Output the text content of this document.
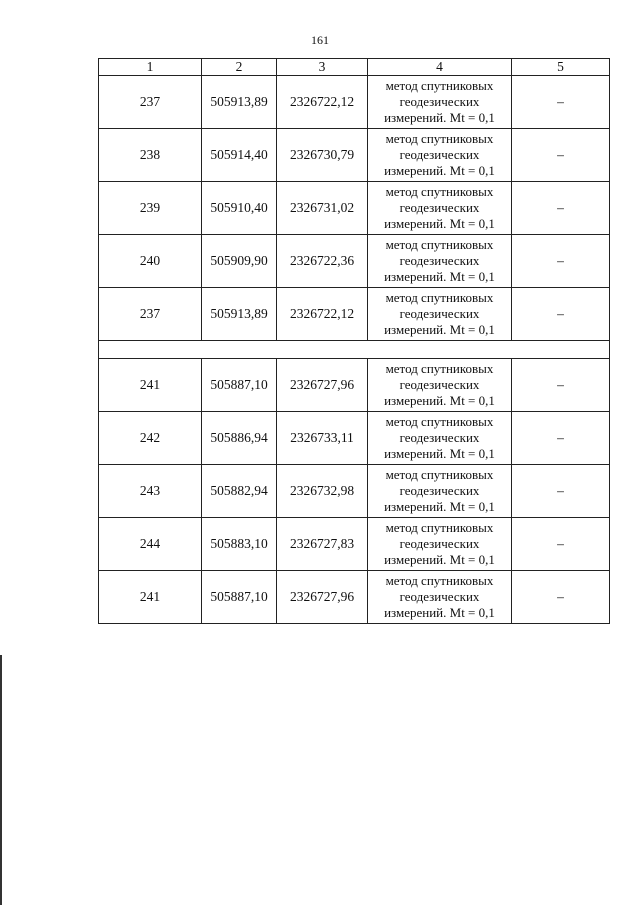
161
1	2	3	4	5
237	505913,89	2326722,12	метод спутниковых
геодезических
измерений. Mt = 0,1	–
238	505914,40	2326730,79	метод спутниковых
геодезических
измерений. Mt = 0,1	–
239	505910,40	2326731,02	метод спутниковых
геодезических
измерений. Mt = 0,1	–
240	505909,90	2326722,36	метод спутниковых
геодезических
измерений. Mt = 0,1	–
237	505913,89	2326722,12	метод спутниковых
геодезических
измерений. Mt = 0,1	–

241	505887,10	2326727,96	метод спутниковых
геодезических
измерений. Mt = 0,1	–
242	505886,94	2326733,11	метод спутниковых
геодезических
измерений. Mt = 0,1	–
243	505882,94	2326732,98	метод спутниковых
геодезических
измерений. Mt = 0,1	–
244	505883,10	2326727,83	метод спутниковых
геодезических
измерений. Mt = 0,1	–
241	505887,10	2326727,96	метод спутниковых
геодезических
измерений. Mt = 0,1	–
